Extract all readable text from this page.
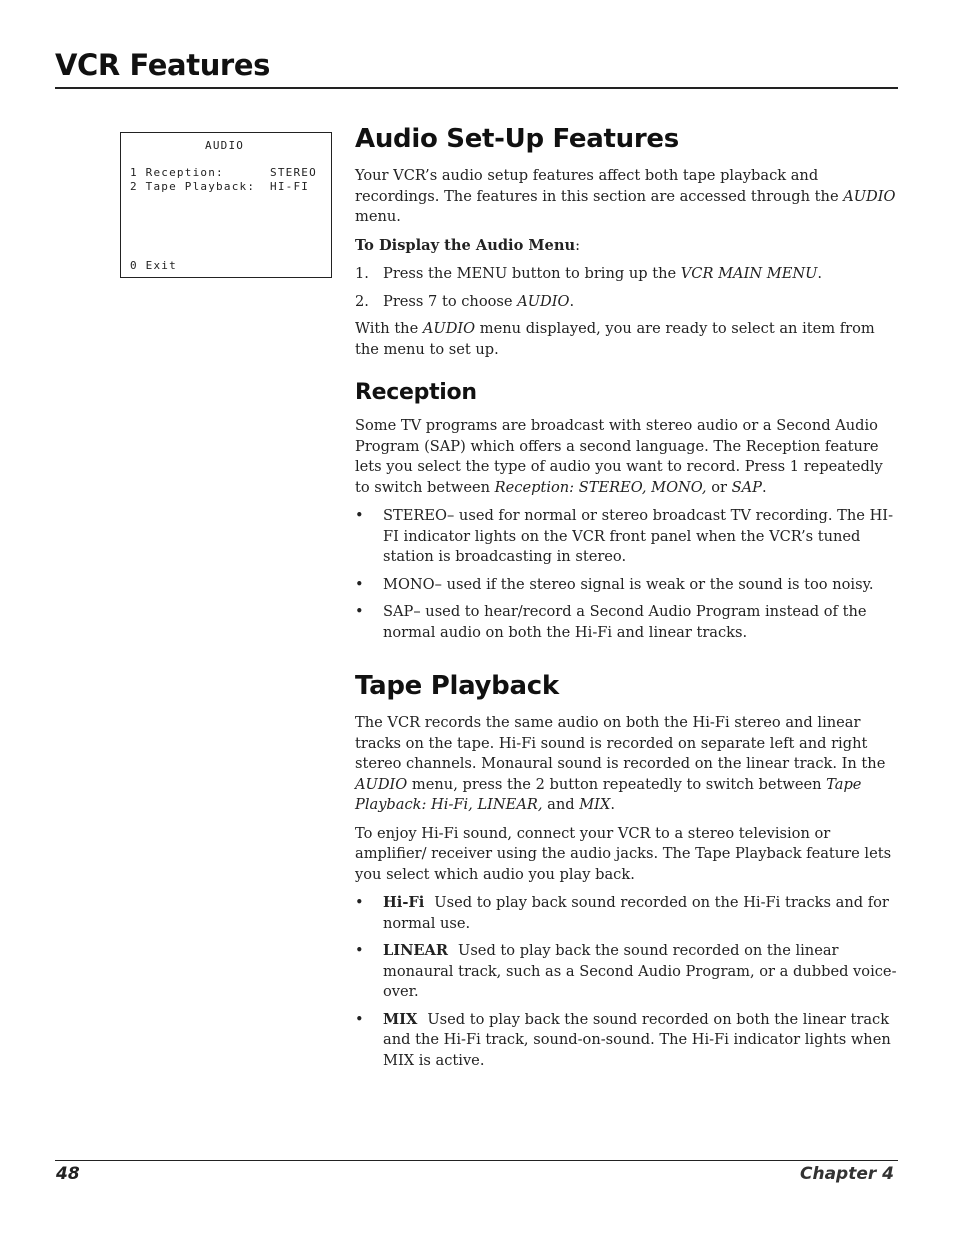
VCR Features
AUDIO
1 Reception:	STEREO
2 Tape Playback: HI-FI
0 Exit
Audio Set-Up Features

Your VCR’s audio setup features affect both tape playback and recordings. The features in this section are accessed through the AUDIO menu.

To Display the Audio Menu:

1. Press the MENU button to bring up the VCR MAIN MENU.
2. Press 7 to choose AUDIO.

With the AUDIO menu displayed, you are ready to select an item from the menu to set up.

Reception

Some TV programs are broadcast with stereo audio or a Second Audio Program (SAP) which offers a second language. The Reception feature lets you select the type of audio you want to record. Press 1 repeatedly to switch between Reception: STEREO, MONO, or SAP.

• STEREO– used for normal or stereo broadcast TV recording. The HI-FI indicator lights on the VCR front panel when the VCR’s tuned station is broadcasting in stereo.
• MONO– used if the stereo signal is weak or the sound is too noisy.
• SAP– used to hear/record a Second Audio Program instead of the normal audio on both the Hi-Fi and linear tracks.
Tape Playback

The VCR records the same audio on both the Hi-Fi stereo and linear tracks on the tape. Hi-Fi sound is recorded on separate left and right stereo channels. Monaural sound is recorded on the linear track. In the AUDIO menu, press the 2 button repeatedly to switch between Tape Playback: Hi-Fi, LINEAR, and MIX.

To enjoy Hi-Fi sound, connect your VCR to a stereo television or amplifier/ receiver using the audio jacks. The Tape Playback feature lets you select which audio you play back.

• Hi-Fi Used to play back sound recorded on the Hi-Fi tracks and for normal use.
• LINEAR Used to play back the sound recorded on the linear monaural track, such as a Second Audio Program, or a dubbed voice-over.
• MIX Used to play back the sound recorded on both the linear track and the Hi-Fi track, sound-on-sound. The Hi-Fi indicator lights when MIX is active.
48	Chapter 4
